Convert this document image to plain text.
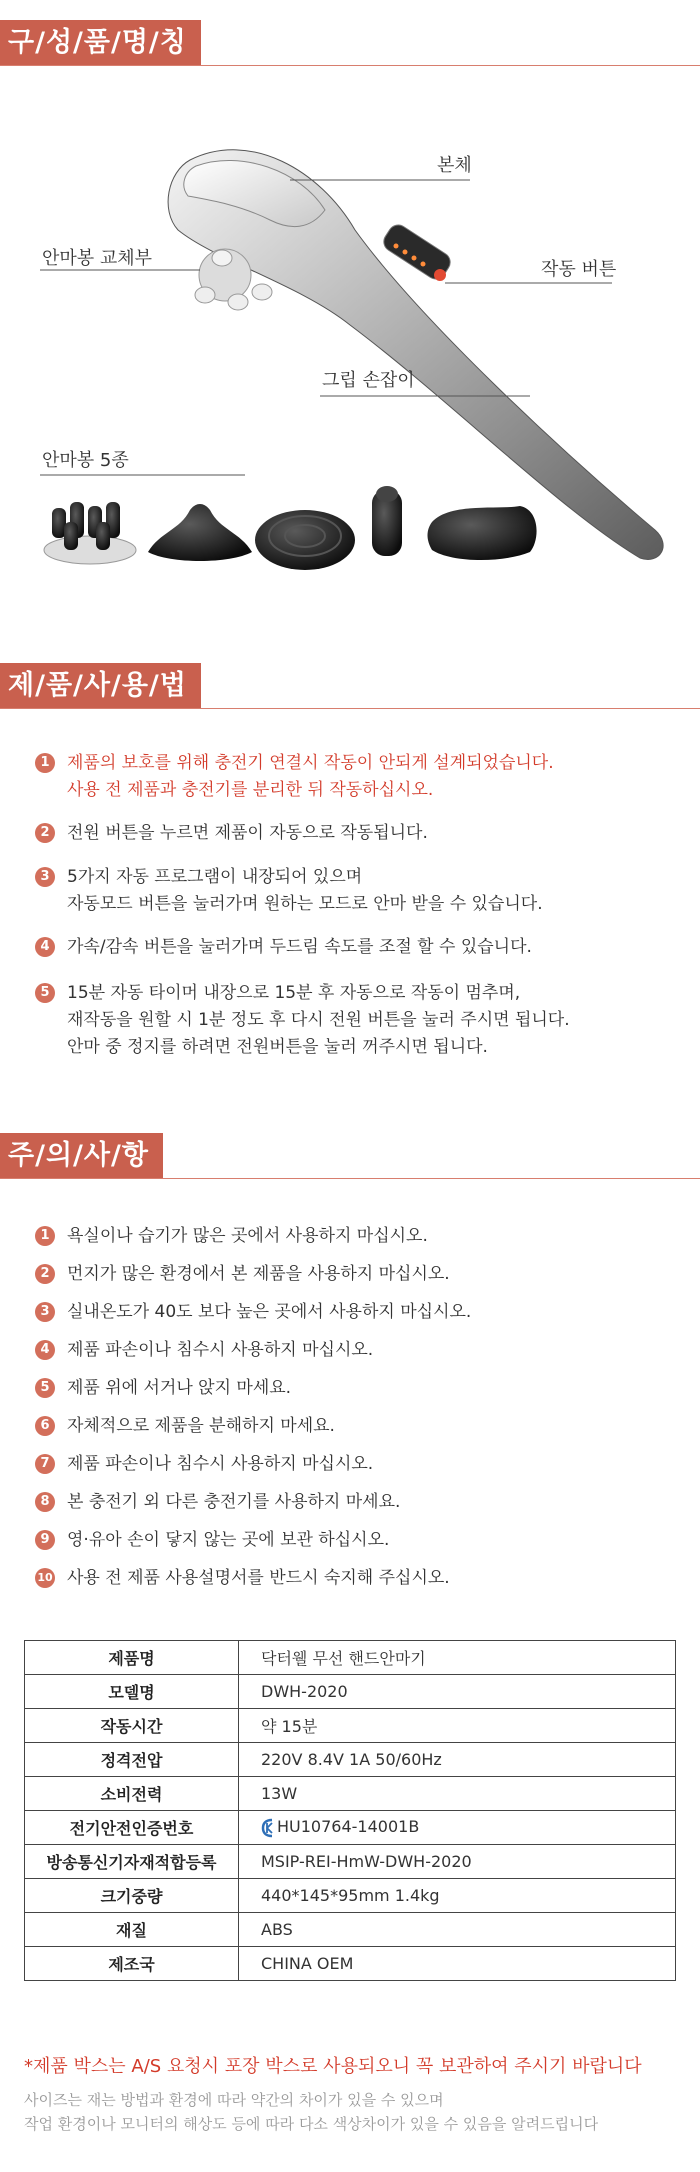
구/성/품/명/칭
본체
안마봉 교체부
작동 버튼
그립 손잡이
안마봉 5종
제/품/사/용/법
1	제품의 보호를 위해 충전기 연결시 작동이 안되게 설계되었습니다.
사용 전 제품과 충전기를 분리한 뒤 작동하십시오.
2	전원 버튼을 누르면 제품이 자동으로 작동됩니다.
3	5가지 자동 프로그램이 내장되어 있으며
자동모드 버튼을 눌러가며 원하는 모드로 안마 받을 수 있습니다.
4	가속/감속 버튼을 눌러가며 두드림 속도를 조절 할 수 있습니다.
5	15분 자동 타이머 내장으로 15분 후 자동으로 작동이 멈추며,
재작동을 원할 시 1분 정도 후 다시 전원 버튼을 눌러 주시면 됩니다.
안마 중 정지를 하려면 전원버튼을 눌러 꺼주시면 됩니다.
주/의/사/항
1	욕실이나 습기가 많은 곳에서 사용하지 마십시오.
2	먼지가 많은 환경에서 본 제품을 사용하지 마십시오.
3	실내온도가 40도 보다 높은 곳에서 사용하지 마십시오.
4	제품 파손이나 침수시 사용하지 마십시오.
5	제품 위에 서거나 앉지 마세요.
6	자체적으로 제품을 분해하지 마세요.
7	제품 파손이나 침수시 사용하지 마십시오.
8	본 충전기 외 다른 충전기를 사용하지 마세요.
9	영·유아 손이 닿지 않는 곳에 보관 하십시오.
10 사용 전 제품 사용설명서를 반드시 숙지해 주십시오.
제품명	닥터웰 무선 핸드안마기
모델명	DWH-2020
작동시간	약 15분
정격전압	220V 8.4V 1A 50/60Hz
소비전력	13W
전기안전인증번호	HU10764-14001B
방송통신기자재적합등록	MSIP-REI-HmW-DWH-2020
크기중량	440*145*95mm 1.4kg
재질	ABS
제조국	CHINA OEM
*제품 박스는 A/S 요청시 포장 박스로 사용되오니 꼭 보관하여 주시기 바랍니다
사이즈는 재는 방법과 환경에 따라 약간의 차이가 있을 수 있으며
작업 환경이나 모니터의 해상도 등에 따라 다소 색상차이가 있을 수 있음을 알려드립니다
